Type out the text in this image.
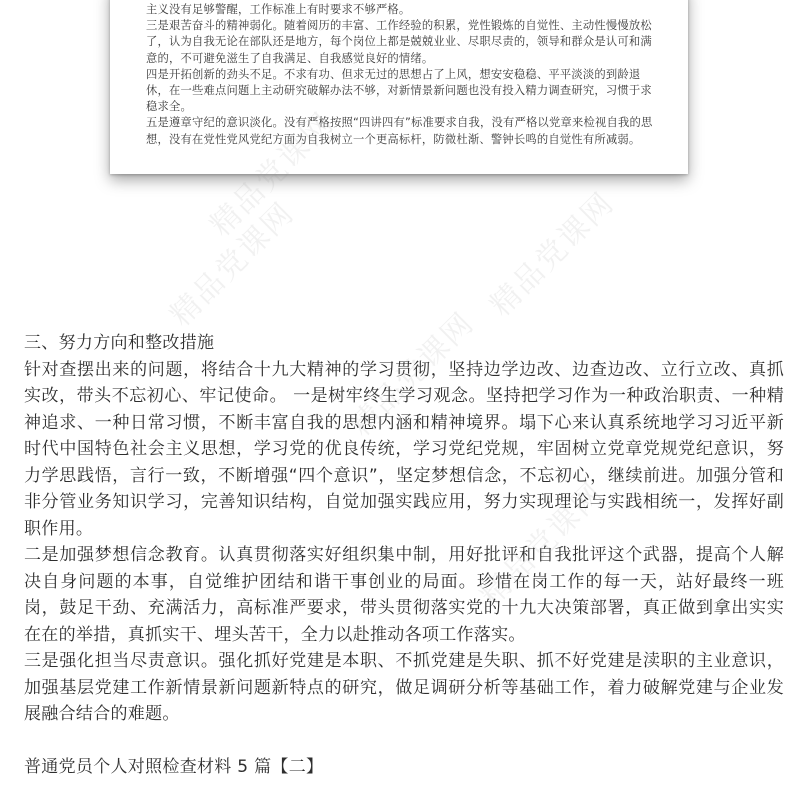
主义没有足够警醒，工作标准上有时要求不够严格。

三是艰苦奋斗的精神弱化。随着阅历的丰富、工作经验的积累，党性锻炼的自觉性、主动性慢慢放松了，认为自我无论在部队还是地方，每个岗位上都是兢兢业业、尽职尽责的，领导和群众是认可和满意的，不可避免滋生了自我满足、自我感觉良好的情绪。

四是开拓创新的劲头不足。不求有功、但求无过的思想占了上风，想安安稳稳、平平淡淡的到龄退休，在一些难点问题上主动研究破解办法不够，对新情景新问题也没有投入精力调查研究，习惯于求稳求全。

五是遵章守纪的意识淡化。没有严格按照“四讲四有”标准要求自我，没有严格以党章来检视自我的思想，没有在党性党风党纪方面为自我树立一个更高标杆，防微杜渐、警钟长鸣的自觉性有所减弱。

三、努力方向和整改措施

针对查摆出来的问题，将结合十九大精神的学习贯彻，坚持边学边改、边查边改、立行立改、真抓实改，带头不忘初心、牢记使命。 一是树牢终生学习观念。坚持把学习作为一种政治职责、一种精神追求、一种日常习惯，不断丰富自我的思想内涵和精神境界。塌下心来认真系统地学习习近平新时代中国特色社会主义思想，学习党的优良传统，学习党纪党规，牢固树立党章党规党纪意识，努力学思践悟，言行一致，不断增强“四个意识”，坚定梦想信念，不忘初心，继续前进。加强分管和非分管业务知识学习，完善知识结构，自觉加强实践应用，努力实现理论与实践相统一，发挥好副职作用。

二是加强梦想信念教育。认真贯彻落实好组织集中制，用好批评和自我批评这个武器，提高个人解决自身问题的本事，自觉维护团结和谐干事创业的局面。珍惜在岗工作的每一天，站好最终一班岗，鼓足干劲、充满活力，高标准严要求，带头贯彻落实党的十九大决策部署，真正做到拿出实实在在的举措，真抓实干、埋头苦干，全力以赴推动各项工作落实。

三是强化担当尽责意识。强化抓好党建是本职、不抓党建是失职、抓不好党建是渎职的主业意识，加强基层党建工作新情景新问题新特点的研究，做足调研分析等基础工作，着力破解党建与企业发展融合结合的难题。

普通党员个人对照检查材料 5 篇【二】

精品党课网	精品党课网
精品党课网
精品党课网
精品党课网
